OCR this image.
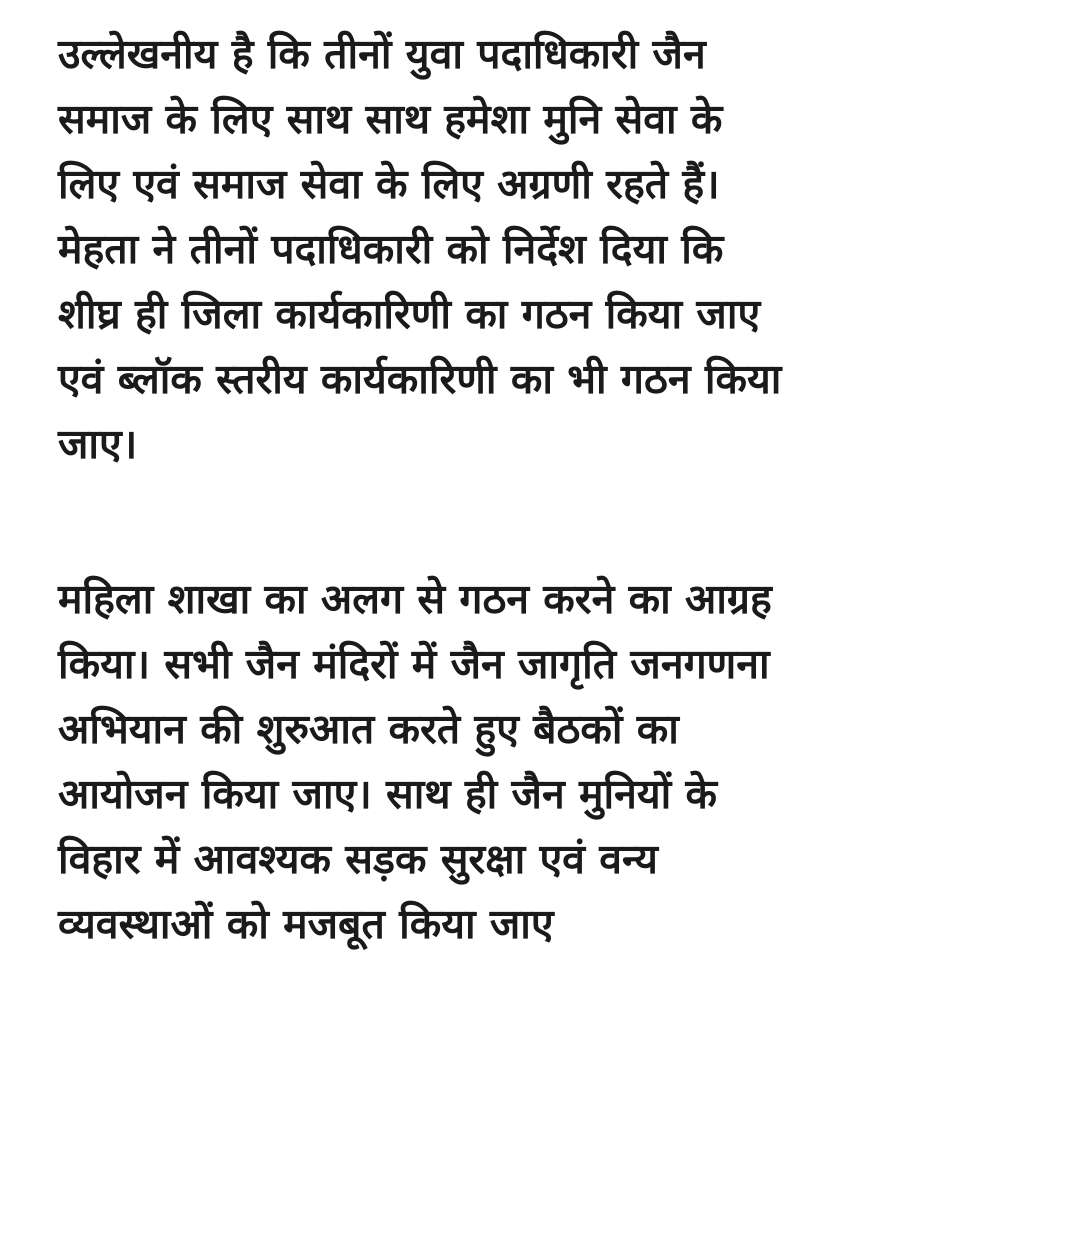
उल्लेखनीय है कि तीनों युवा पदाधिकारी जैन
समाज के लिए साथ साथ हमेशा मुनि सेवा के
लिए एवं समाज सेवा के लिए अग्रणी रहते हैं।
मेहता ने तीनों पदाधिकारी को निर्देश दिया कि
शीघ्र ही जिला कार्यकारिणी का गठन किया जाए
एवं ब्लॉक स्तरीय कार्यकारिणी का भी गठन किया
जाए।
महिला शाखा का अलग से गठन करने का आग्रह
किया। सभी जैन मंदिरों में जैन जागृति जनगणना
अभियान की शुरुआत करते हुए बैठकों का
आयोजन किया जाए। साथ ही जैन मुनियों के
विहार में आवश्यक सड़क सुरक्षा एवं वन्य
व्यवस्थाओं को मजबूत किया जाए
